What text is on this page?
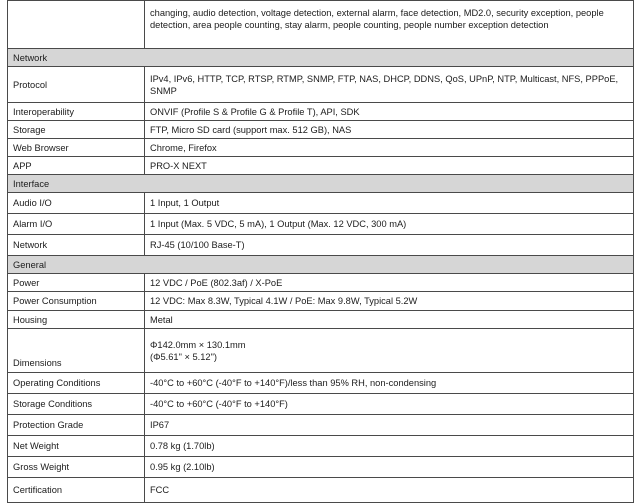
	changing, audio detection, voltage detection, external alarm, face detection, MD2.0, security exception, people detection, area people counting, stay alarm, people counting, people number exception detection
Network	
Protocol	IPv4, IPv6, HTTP, TCP, RTSP, RTMP, SNMP, FTP, NAS, DHCP, DDNS, QoS, UPnP, NTP, Multicast, NFS, PPPoE, SNMP
Interoperability	ONVIF (Profile S & Profile G & Profile T), API, SDK
Storage	FTP, Micro SD card (support max. 512 GB), NAS
Web Browser	Chrome, Firefox
APP	PRO-X NEXT
Interface	
Audio I/O	1 Input, 1 Output
Alarm I/O	1 Input (Max. 5 VDC, 5 mA), 1 Output (Max. 12 VDC, 300 mA)
Network	RJ-45 (10/100 Base-T)
General	
Power	12 VDC / PoE (802.3af) / X-PoE
Power Consumption	12 VDC: Max 8.3W, Typical 4.1W / PoE: Max 9.8W, Typical 5.2W
Housing	Metal
Dimensions	Φ142.0mm × 130.1mm
(Φ5.61" × 5.12")

Operating Conditions	-40°C to +60°C (-40°F to +140°F)/less than 95% RH, non-condensing
Storage Conditions	-40°C to +60°C (-40°F to +140°F)
Protection Grade	IP67
Net Weight	0.78 kg (1.70lb)
Gross Weight	0.95 kg (2.10lb)
Certification	FCC
